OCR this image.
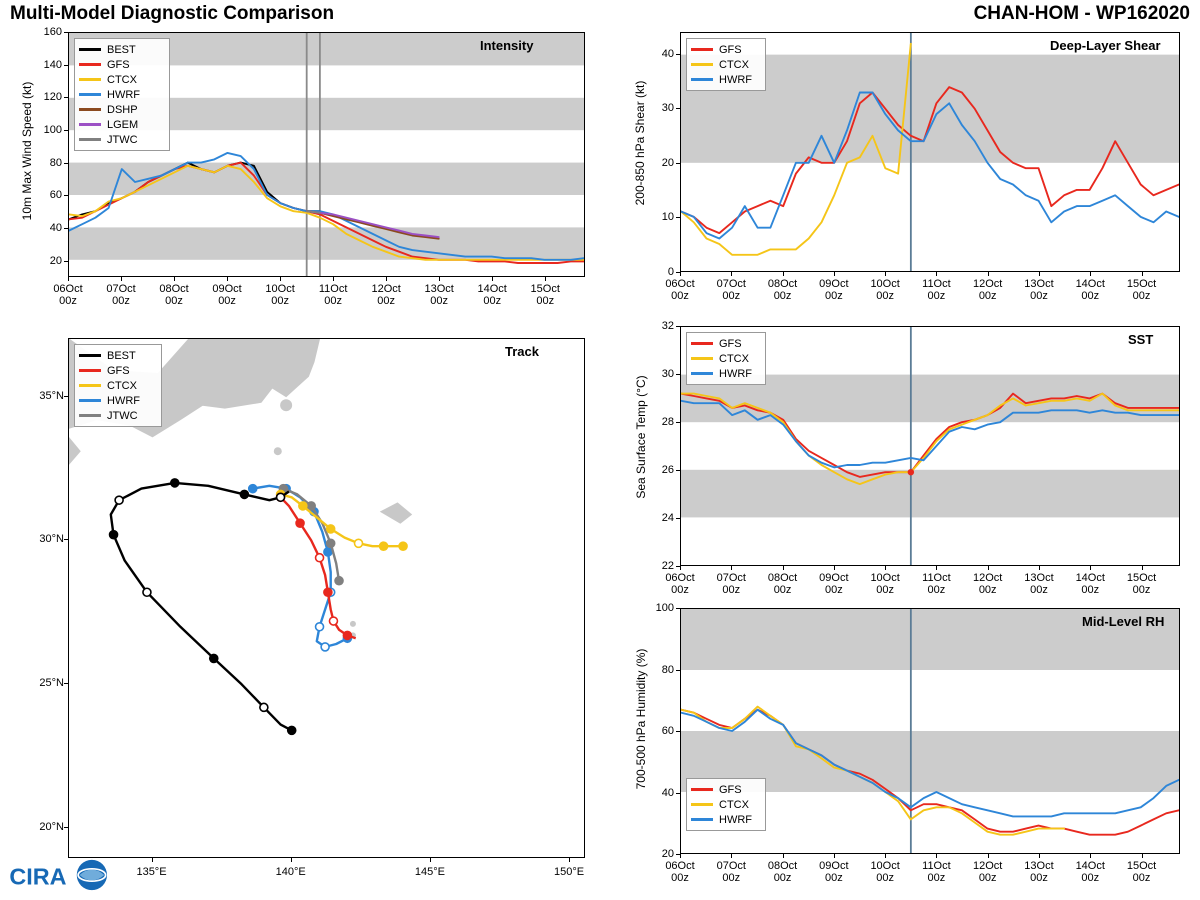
Multi-Model Diagnostic Comparison	CHAN-HOM - WP162020
10m Max Wind Speed (kt)
Intensity
BEST
GFS
CTCX
HWRF
DSHP
LGEM
JTWC
20
40
60
80
100
120
140
160
06Oct
00z
07Oct
00z
08Oct
00z
09Oct
00z
10Oct
00z
11Oct
00z
12Oct
00z
13Oct
00z
14Oct
00z
15Oct
00z
Track
BEST
GFS
CTCX
HWRF
JTWC
20°N
25°N
30°N
35°N
135°E	140°E	145°E	150°E
CIRA
200-850 hPa Shear (kt)
Deep-Layer Shear
GFS
CTCX
HWRF
0
10
20
30
40
06Oct
00z
07Oct
00z
08Oct
00z
09Oct
00z
10Oct
00z
11Oct
00z
12Oct
00z
13Oct
00z
14Oct
00z
15Oct
00z
Sea Surface Temp (°C)
SST
GFS
CTCX
HWRF
22
24
26
28
30
32
06Oct
00z
07Oct
00z
08Oct
00z
09Oct
00z
10Oct
00z
11Oct
00z
12Oct
00z
13Oct
00z
14Oct
00z
15Oct
00z
700-500 hPa Humidity (%)
Mid-Level RH
GFS
CTCX
HWRF
20
40
60
80
100
06Oct
00z
07Oct
00z
08Oct
00z
09Oct
00z
10Oct
00z
11Oct
00z
12Oct
00z
13Oct
00z
14Oct
00z
15Oct
00z
